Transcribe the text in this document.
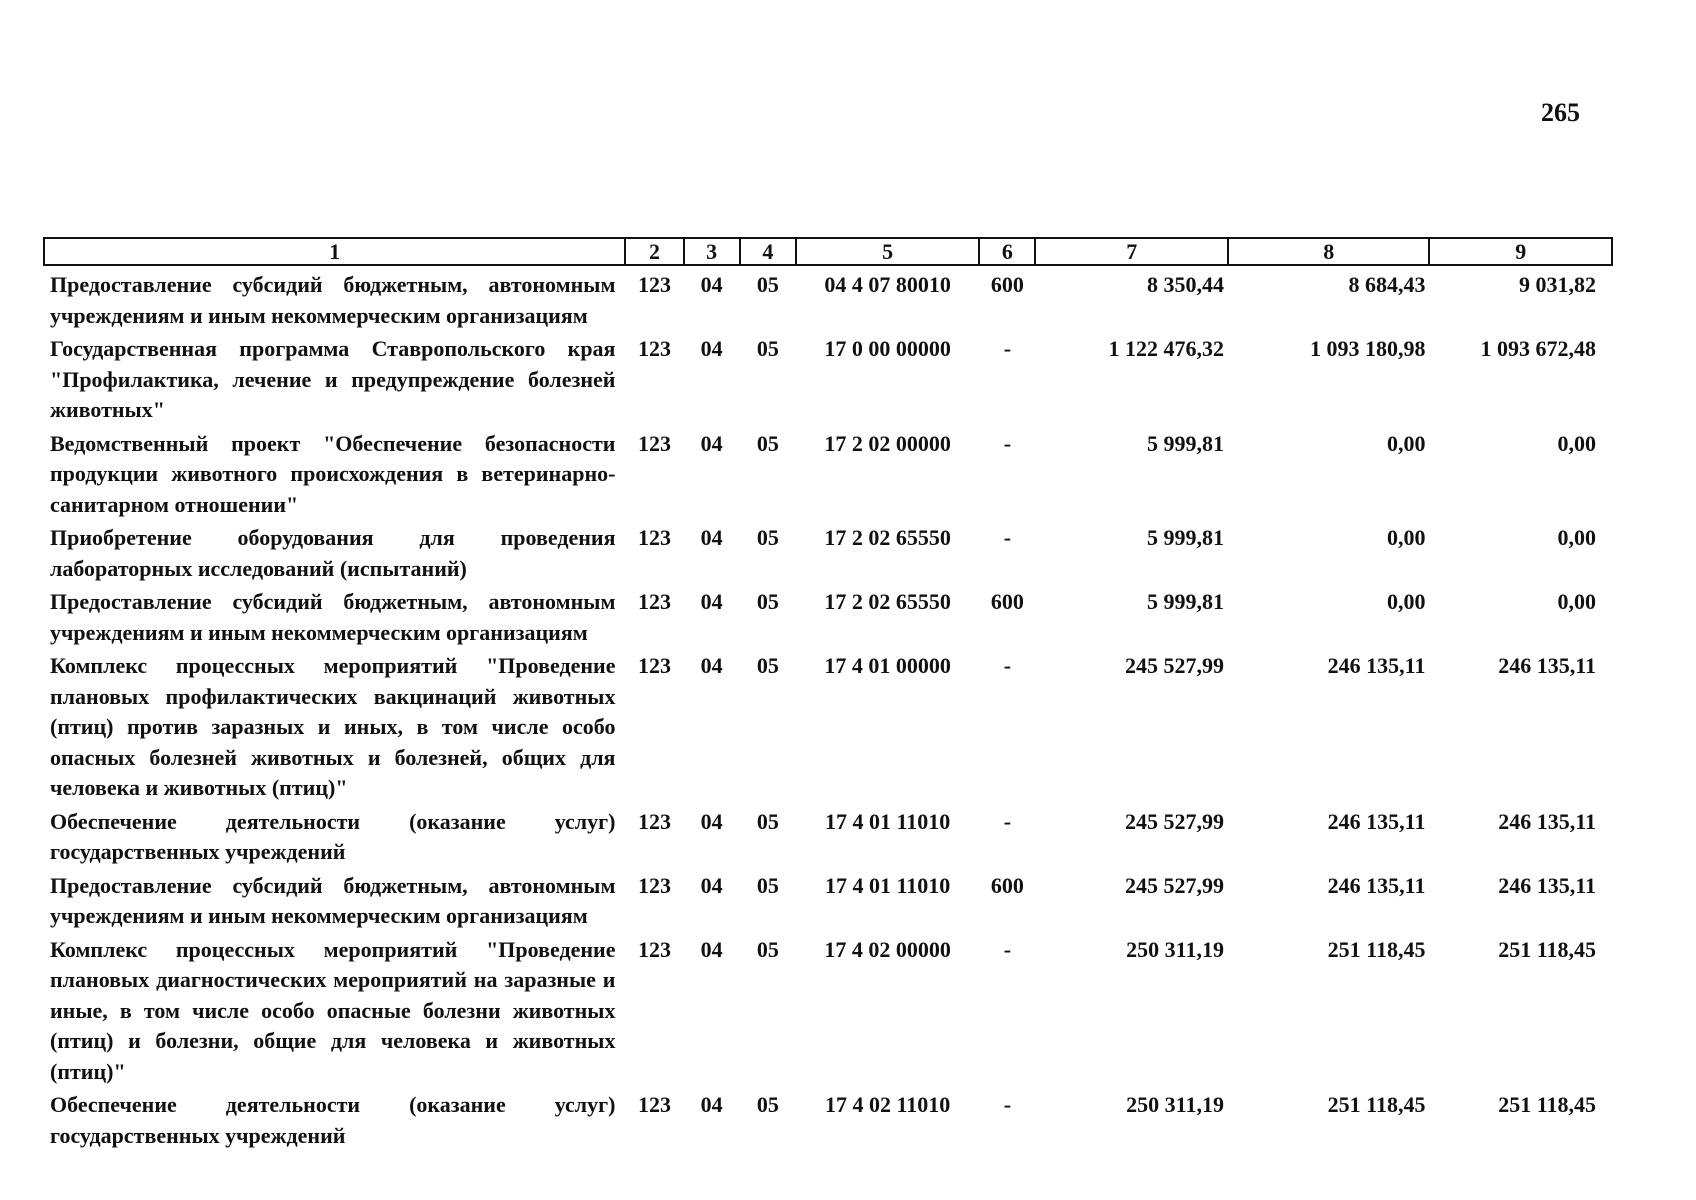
265
1	2	3	4	5	6	7	8	9
Предоставление субсидий бюджетным, автономным учреждениям и иным некоммерческим организациям	123	04	05	04 4 07 80010	600	8 350,44	8 684,43	9 031,82
Государственная программа Ставропольского края "Профилактика, лечение и предупреждение болезней животных"	123	04	05	17 0 00 00000	-	1 122 476,32	1 093 180,98	1 093 672,48
Ведомственный проект "Обеспечение безопасности продукции животного происхождения в ветеринарно-санитарном отношении"	123	04	05	17 2 02 00000	-	5 999,81	0,00	0,00
Приобретение оборудования для проведения лабораторных исследований (испытаний)	123	04	05	17 2 02 65550	-	5 999,81	0,00	0,00
Предоставление субсидий бюджетным, автономным учреждениям и иным некоммерческим организациям	123	04	05	17 2 02 65550	600	5 999,81	0,00	0,00
Комплекс процессных мероприятий "Проведение плановых профилактических вакцинаций животных (птиц) против заразных и иных, в том числе особо опасных болезней животных и болезней, общих для человека и животных (птиц)"	123	04	05	17 4 01 00000	-	245 527,99	246 135,11	246 135,11
Обеспечение деятельности (оказание услуг) государственных учреждений	123	04	05	17 4 01 11010	-	245 527,99	246 135,11	246 135,11
Предоставление субсидий бюджетным, автономным учреждениям и иным некоммерческим организациям	123	04	05	17 4 01 11010	600	245 527,99	246 135,11	246 135,11
Комплекс процессных мероприятий "Проведение плановых диагностических мероприятий на заразные и иные, в том числе особо опасные болезни животных (птиц) и болезни, общие для человека и животных (птиц)"	123	04	05	17 4 02 00000	-	250 311,19	251 118,45	251 118,45
Обеспечение деятельности (оказание услуг) государственных учреждений	123	04	05	17 4 02 11010	-	250 311,19	251 118,45	251 118,45
